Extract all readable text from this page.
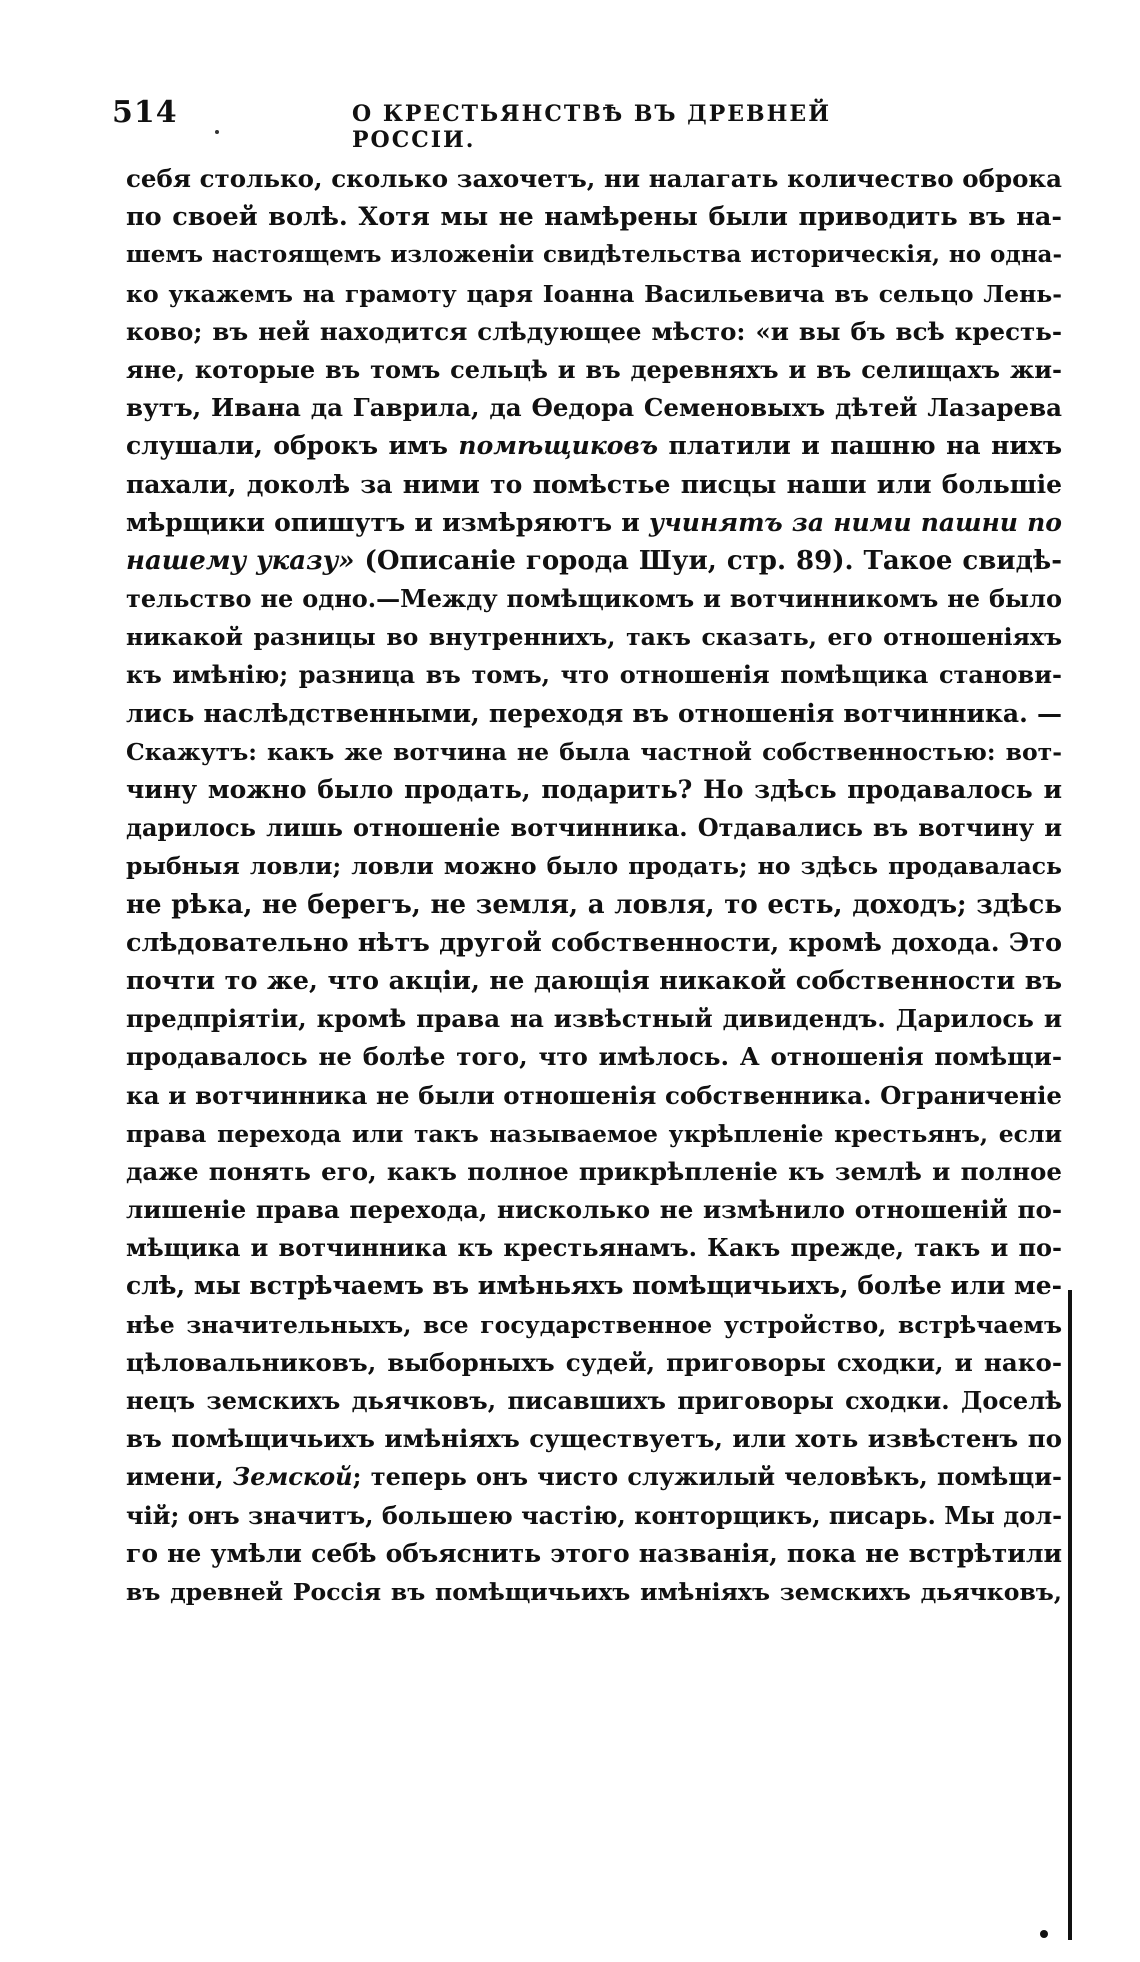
514	О КРЕСТЬЯНСТВѢ ВЪ ДРЕВНЕЙ РОССІИ.
себя столько, сколько захочетъ, ни налагать количество оброка
по своей волѣ. Хотя мы не намѣрены были приводить въ на-
шемъ настоящемъ изложеніи свидѣтельства историческія, но одна-
ко укажемъ на грамоту царя Іоанна Васильевича въ сельцо Лень-
ково; въ ней находится слѣдующее мѣсто: «и вы бъ всѣ кресть-
яне, которые въ томъ сельцѣ и въ деревняхъ и въ селищахъ жи-
вутъ, Ивана да Гаврила, да Ѳедора Семеновыхъ дѣтей Лазарева
слушали, оброкъ имъ помѣщиковъ платили и пашню на нихъ
пахали, доколѣ за ними то помѣстье писцы наши или большіе
мѣрщики опишутъ и измѣряютъ и учинятъ за ними пашни по
нашему указу» (Описаніе города Шуи, стр. 89). Такое свидѣ-
тельство не одно.—Между помѣщикомъ и вотчинникомъ не было
никакой разницы во внутреннихъ, такъ сказать, его отношеніяхъ
къ имѣнію; разница въ томъ, что отношенія помѣщика станови-
лись наслѣдственными, переходя въ отношенія вотчинника. —
Скажутъ: какъ же вотчина не была частной собственностью: вот-
чину можно было продать, подарить? Но здѣсь продавалось и
дарилось лишь отношеніе вотчинника. Отдавались въ вотчину и
рыбныя ловли; ловли можно было продать; но здѣсь продавалась
не рѣка, не берегъ, не земля, а ловля, то есть, доходъ; здѣсь
слѣдовательно нѣтъ другой собственности, кромѣ дохода. Это
почти то же, что акціи, не дающія никакой собственности въ
предпріятіи, кромѣ права на извѣстный дивидендъ. Дарилось и
продавалось не болѣе того, что имѣлось. А отношенія помѣщи-
ка и вотчинника не были отношенія собственника. Ограниченіе
права перехода или такъ называемое укрѣпленіе крестьянъ, если
даже понять его, какъ полное прикрѣпленіе къ землѣ и полное
лишеніе права перехода, нисколько не измѣнило отношеній по-
мѣщика и вотчинника къ крестьянамъ. Какъ прежде, такъ и по-
слѣ, мы встрѣчаемъ въ имѣньяхъ помѣщичьихъ, болѣе или ме-
нѣе значительныхъ, все государственное устройство, встрѣчаемъ
цѣловальниковъ, выборныхъ судей, приговоры сходки, и нако-
нецъ земскихъ дьячковъ, писавшихъ приговоры сходки. Доселѣ
въ помѣщичьихъ имѣніяхъ существуетъ, или хоть извѣстенъ по
имени, Земской; теперь онъ чисто служилый человѣкъ, помѣщи-
чій; онъ значитъ, большею частію, конторщикъ, писарь. Мы дол-
го не умѣли себѣ объяснить этого названія, пока не встрѣтили
въ древней Россія въ помѣщичьихъ имѣніяхъ земскихъ дьячковъ,
